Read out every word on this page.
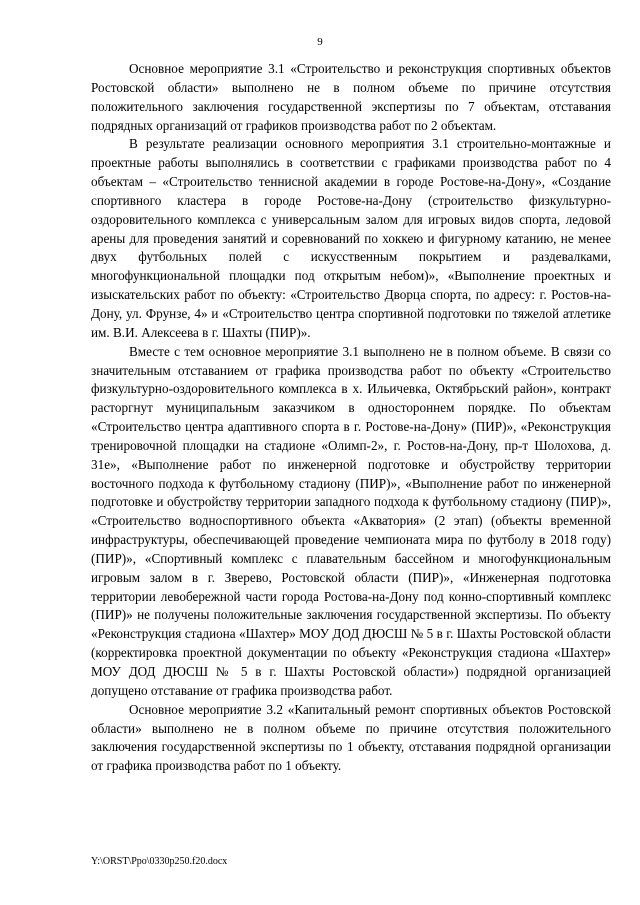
9

Основное мероприятие 3.1 «Строительство и реконструкция спортивных объектов Ростовской области» выполнено не в полном объеме по причине отсутствия положительного заключения государственной экспертизы по 7 объектам, отставания подрядных организаций от графиков производства работ по 2 объектам.

В результате реализации основного мероприятия 3.1 строительно-монтажные и проектные работы выполнялись в соответствии с графиками производства работ по 4 объектам – «Строительство теннисной академии в городе Ростове-на-Дону», «Создание спортивного кластера в городе Ростове-на-Дону (строительство физкультурно-оздоровительного комплекса с универсальным залом для игровых видов спорта, ледовой арены для проведения занятий и соревнований по хоккею и фигурному катанию, не менее двух футбольных полей с искусственным покрытием и раздевалками, многофункциональной площадки под открытым небом)», «Выполнение проектных и изыскательских работ по объекту: «Строительство Дворца спорта, по адресу: г. Ростов-на-Дону, ул. Фрунзе, 4» и «Строительство центра спортивной подготовки по тяжелой атлетике им. В.И. Алексеева в г. Шахты (ПИР)».

Вместе с тем основное мероприятие 3.1 выполнено не в полном объеме. В связи со значительным отставанием от графика производства работ по объекту «Строительство физкультурно-оздоровительного комплекса в х. Ильичевка, Октябрьский район», контракт расторгнут муниципальным заказчиком в одностороннем порядке. По объектам «Строительство центра адаптивного спорта в г. Ростове-на-Дону» (ПИР)», «Реконструкция тренировочной площадки на стадионе «Олимп-2», г. Ростов-на-Дону, пр-т Шолохова, д. 31е», «Выполнение работ по инженерной подготовке и обустройству территории восточного подхода к футбольному стадиону (ПИР)», «Выполнение работ по инженерной подготовке и обустройству территории западного подхода к футбольному стадиону (ПИР)», «Строительство водноспортивного объекта «Акватория» (2 этап) (объекты временной инфраструктуры, обеспечивающей проведение чемпионата мира по футболу в 2018 году) (ПИР)», «Спортивный комплекс с плавательным бассейном и многофункциональным игровым залом в г. Зверево, Ростовской области (ПИР)», «Инженерная подготовка территории левобережной части города Ростова-на-Дону под конно-спортивный комплекс (ПИР)» не получены положительные заключения государственной экспертизы. По объекту «Реконструкция стадиона «Шахтер» МОУ ДОД ДЮСШ № 5 в г. Шахты Ростовской области (корректировка проектной документации по объекту «Реконструкция стадиона «Шахтер» МОУ ДОД ДЮСШ № 5 в г. Шахты Ростовской области») подрядной организацией допущено отставание от графика производства работ.

Основное мероприятие 3.2 «Капитальный ремонт спортивных объектов Ростовской области» выполнено не в полном объеме по причине отсутствия положительного заключения государственной экспертизы по 1 объекту, отставания подрядной организации от графика производства работ по 1 объекту.

Y:\ORST\Ppo\0330p250.f20.docx
